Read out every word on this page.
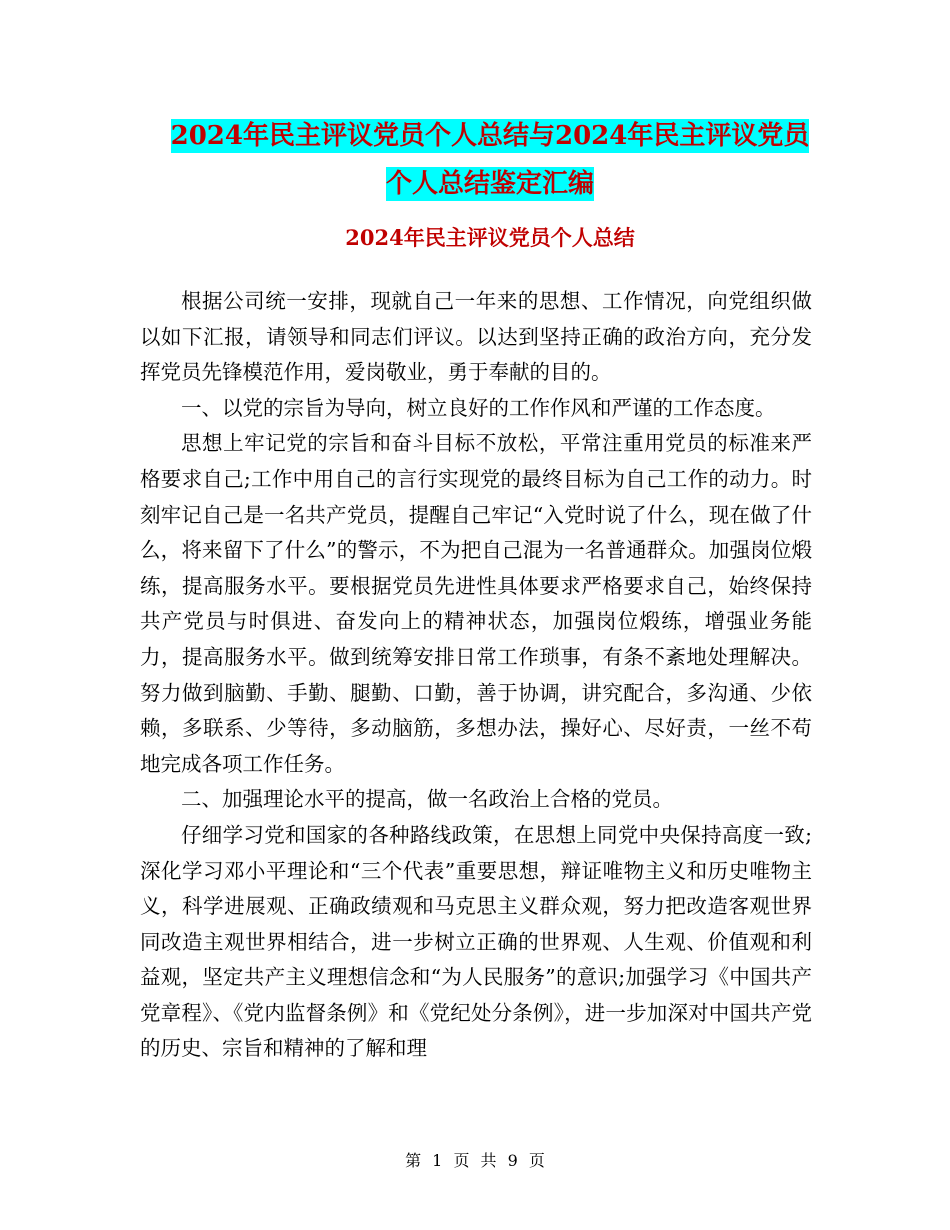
2024年民主评议党员个人总结与2024年民主评议党员
个人总结鉴定汇编
2024年民主评议党员个人总结

根据公司统一安排，现就自己一年来的思想、工作情况，向党组织做以如下汇报，请领导和同志们评议。以达到坚持正确的政治方向，充分发挥党员先锋模范作用，爱岗敬业，勇于奉献的目的。

一、以党的宗旨为导向，树立良好的工作作风和严谨的工作态度。

思想上牢记党的宗旨和奋斗目标不放松，平常注重用党员的标准来严格要求自己;工作中用自己的言行实现党的最终目标为自己工作的动力。时刻牢记自己是一名共产党员，提醒自己牢记“入党时说了什么，现在做了什么，将来留下了什么”的警示，不为把自己混为一名普通群众。加强岗位煅练，提高服务水平。要根据党员先进性具体要求严格要求自己，始终保持共产党员与时俱进、奋发向上的精神状态，加强岗位煅练，增强业务能力，提高服务水平。做到统筹安排日常工作琐事，有条不紊地处理解决。努力做到脑勤、手勤、腿勤、口勤，善于协调，讲究配合，多沟通、少依赖，多联系、少等待，多动脑筋，多想办法，操好心、尽好责，一丝不苟地完成各项工作任务。

二、加强理论水平的提高，做一名政治上合格的党员。

仔细学习党和国家的各种路线政策，在思想上同党中央保持高度一致;深化学习邓小平理论和“三个代表”重要思想，辩证唯物主义和历史唯物主义，科学进展观、正确政绩观和马克思主义群众观，努力把改造客观世界同改造主观世界相结合，进一步树立正确的世界观、人生观、价值观和利益观，坚定共产主义理想信念和“为人民服务”的意识;加强学习《中国共产党章程》、《党内监督条例》和《党纪处分条例》，进一步加深对中国共产党的历史、宗旨和精神的了解和理

第 1 页 共 9 页
